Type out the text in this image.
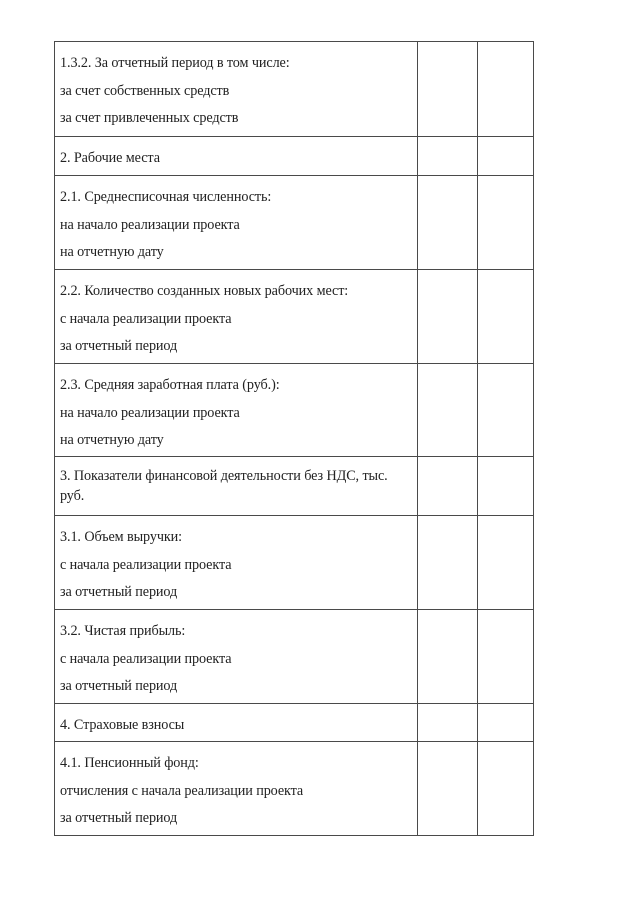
1.3.2. За отчетный период в том числе:
за счет собственных средств
за счет привлеченных средств		

2. Рабочие места		

2.1. Среднесписочная численность:
на начало реализации проекта
на отчетную дату		

2.2. Количество созданных новых рабочих мест:
с начала реализации проекта
за отчетный период		

2.3. Средняя заработная плата (руб.):
на начало реализации проекта
на отчетную дату		

3. Показатели финансовой деятельности без НДС, тыс. руб.		

3.1. Объем выручки:
с начала реализации проекта
за отчетный период		

3.2. Чистая прибыль:
с начала реализации проекта
за отчетный период		

4. Страховые взносы		

4.1. Пенсионный фонд:
отчисления с начала реализации проекта
за отчетный период		
